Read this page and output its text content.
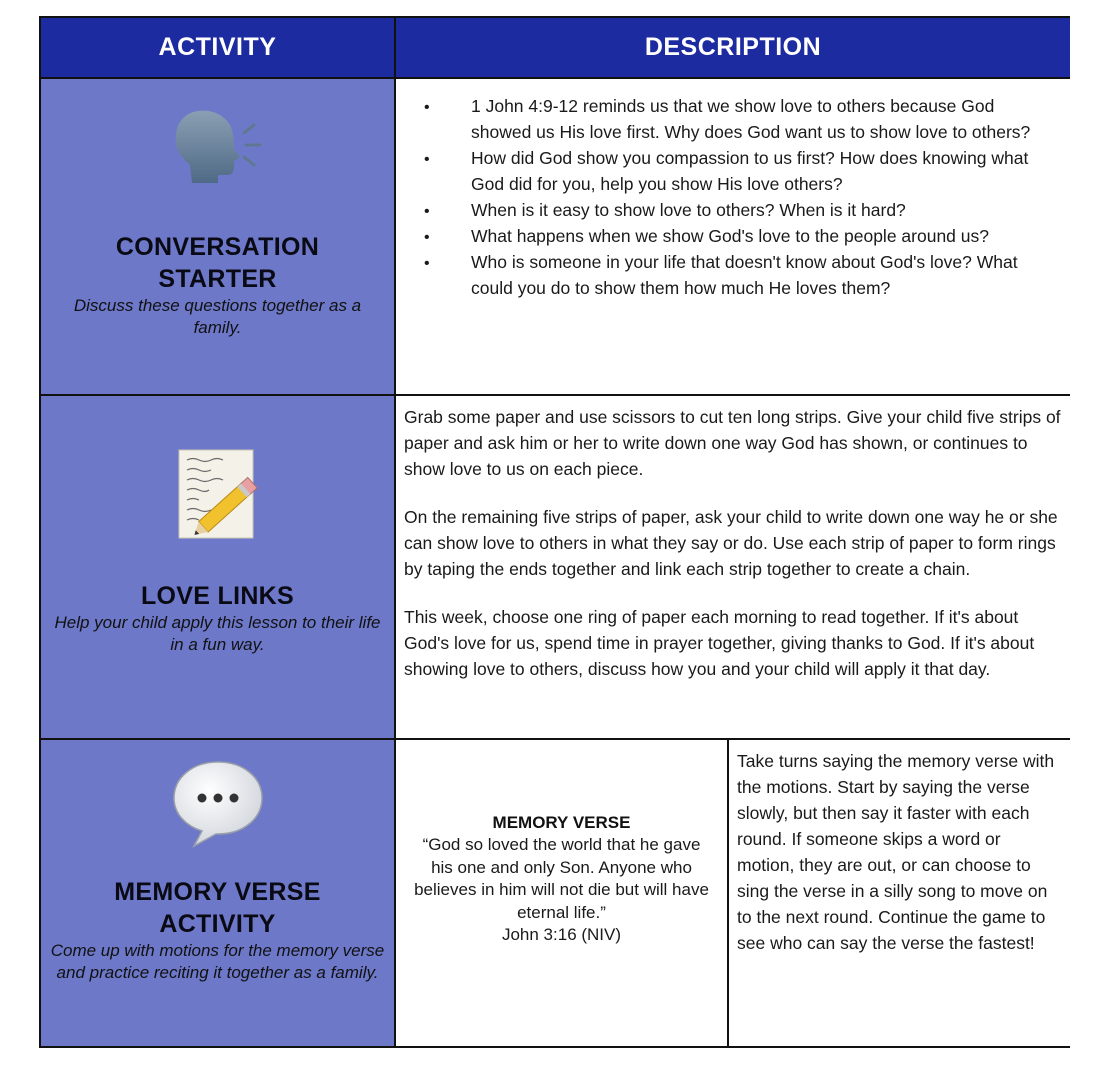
ACTIVITY	DESCRIPTION
CONVERSATION
STARTER
Discuss these questions together as a family.
• 1 John 4:9-12 reminds us that we show love to others because God showed us His love first. Why does God want us to show love to others?
• How did God show you compassion to us first? How does knowing what God did for you, help you show His love others?
• When is it easy to show love to others? When is it hard?
• What happens when we show God's love to the people around us?
• Who is someone in your life that doesn't know about God's love? What could you do to show them how much He loves them?
LOVE LINKS
Help your child apply this lesson to their life in a fun way.

Grab some paper and use scissors to cut ten long strips. Give your child five strips of paper and ask him or her to write down one way God has shown, or continues to show love to us on each piece.

On the remaining five strips of paper, ask your child to write down one way he or she can show love to others in what they say or do. Use each strip of paper to form rings by taping the ends together and link each strip together to create a chain.

This week, choose one ring of paper each morning to read together. If it's about God's love for us, spend time in prayer together, giving thanks to God. If it's about showing love to others, discuss how you and your child will apply it that day.

MEMORY VERSE
ACTIVITY
Come up with motions for the memory verse and practice reciting it together as a family.
MEMORY VERSE
“God so loved the world that he gave his one and only Son. Anyone who believes in him will not die but will have eternal life.”
John 3:16 (NIV)

Take turns saying the memory verse with the motions. Start by saying the verse slowly, but then say it faster with each round. If someone skips a word or motion, they are out, or can choose to sing the verse in a silly song to move on to the next round. Continue the game to see who can say the verse the fastest!
